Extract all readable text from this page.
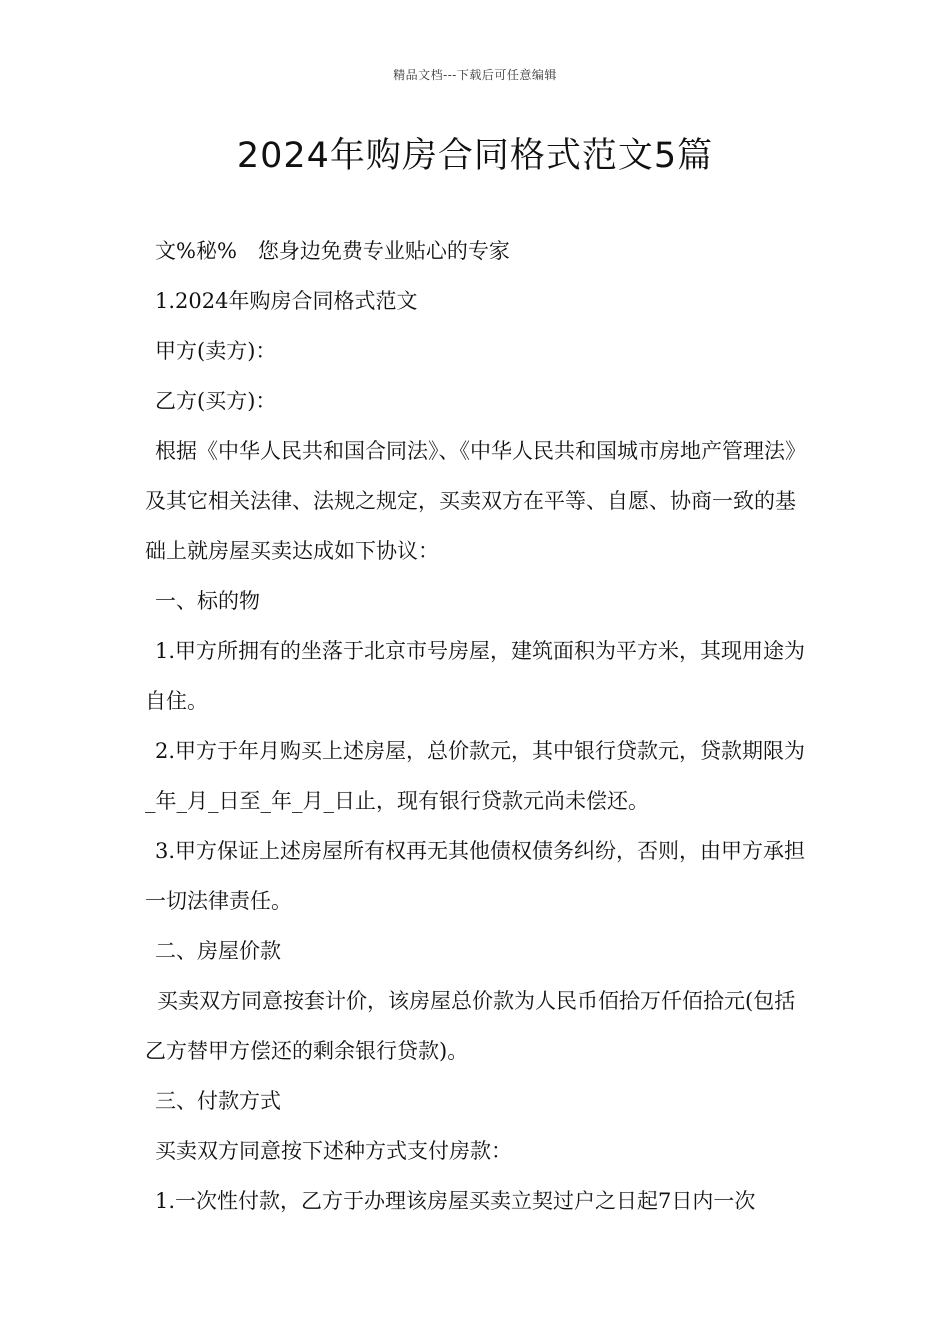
精品文档---下载后可任意编辑
2024年购房合同格式范文5篇

文%秘%　您身边免费专业贴心的专家

1.2024年购房合同格式范文

甲方(卖方)：

乙方(买方)：

根据《中华人民共和国合同法》、《中华人民共和国城市房地产管理法》及其它相关法律、法规之规定，买卖双方在平等、自愿、协商一致的基础上就房屋买卖达成如下协议：

一、标的物

1.甲方所拥有的坐落于北京市号房屋，建筑面积为平方米，其现用途为自住。

2.甲方于年月购买上述房屋，总价款元，其中银行贷款元，贷款期限为_年_月_日至_年_月_日止，现有银行贷款元尚未偿还。

3.甲方保证上述房屋所有权再无其他债权债务纠纷，否则，由甲方承担一切法律责任。

二、房屋价款

买卖双方同意按套计价，该房屋总价款为人民币佰拾万仟佰拾元(包括乙方替甲方偿还的剩余银行贷款)。

三、付款方式

买卖双方同意按下述种方式支付房款：

1.一次性付款，乙方于办理该房屋买卖立契过户之日起7日内一次
